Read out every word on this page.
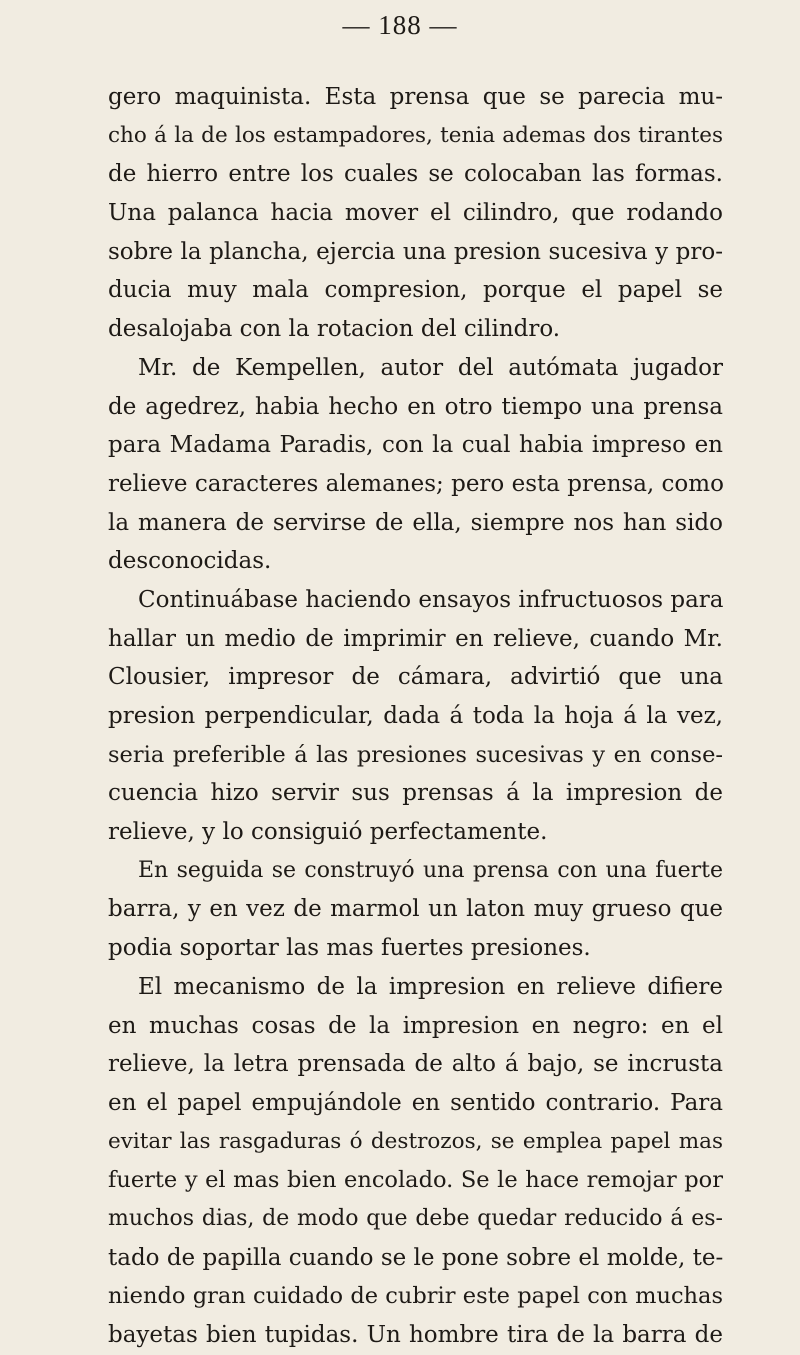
— 188 —
gero maquinista. Esta prensa que se parecia mu-
cho á la de los estampadores, tenia ademas dos tirantes
de hierro entre los cuales se colocaban las formas.
Una palanca hacia mover el cilindro, que rodando
sobre la plancha, ejercia una presion sucesiva y pro-
ducia muy mala compresion, porque el papel se
desalojaba con la rotacion del cilindro.
Mr. de Kempellen, autor del autómata jugador
de agedrez, habia hecho en otro tiempo una prensa
para Madama Paradis, con la cual habia impreso en
relieve caracteres alemanes; pero esta prensa, como
la manera de servirse de ella, siempre nos han sido
desconocidas.
Continuábase haciendo ensayos infructuosos para
hallar un medio de imprimir en relieve, cuando Mr.
Clousier, impresor de cámara, advirtió que una
presion perpendicular, dada á toda la hoja á la vez,
seria preferible á las presiones sucesivas y en conse-
cuencia hizo servir sus prensas á la impresion de
relieve, y lo consiguió perfectamente.
En seguida se construyó una prensa con una fuerte
barra, y en vez de marmol un laton muy grueso que
podia soportar las mas fuertes presiones.
El mecanismo de la impresion en relieve difiere
en muchas cosas de la impresion en negro: en el
relieve, la letra prensada de alto á bajo, se incrusta
en el papel empujándole en sentido contrario. Para
evitar las rasgaduras ó destrozos, se emplea papel mas
fuerte y el mas bien encolado. Se le hace remojar por
muchos dias, de modo que debe quedar reducido á es-
tado de papilla cuando se le pone sobre el molde, te-
niendo gran cuidado de cubrir este papel con muchas
bayetas bien tupidas. Un hombre tira de la barra de
